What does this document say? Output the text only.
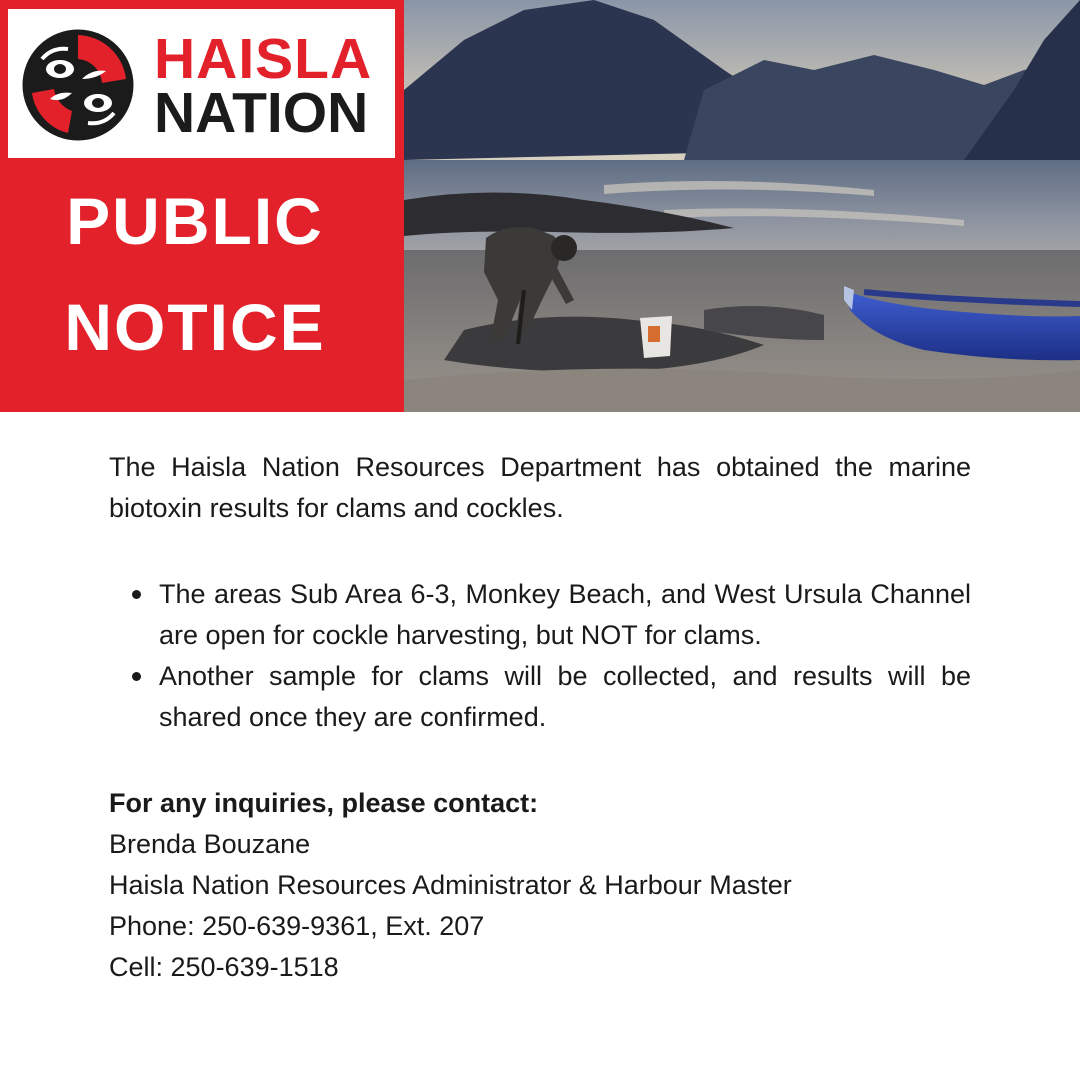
HAISLA
NATION
PUBLIC
NOTICE

The Haisla Nation Resources Department has obtained the marine biotoxin results for clams and cockles.

The areas Sub Area 6-3, Monkey Beach, and West Ursula Channel are open for cockle harvesting, but NOT for clams.
Another sample for clams will be collected, and results will be shared once they are confirmed.
For any inquiries, please contact:
Brenda Bouzane
Haisla Nation Resources Administrator & Harbour Master
Phone: 250-639-9361, Ext. 207
Cell: 250-639-1518
